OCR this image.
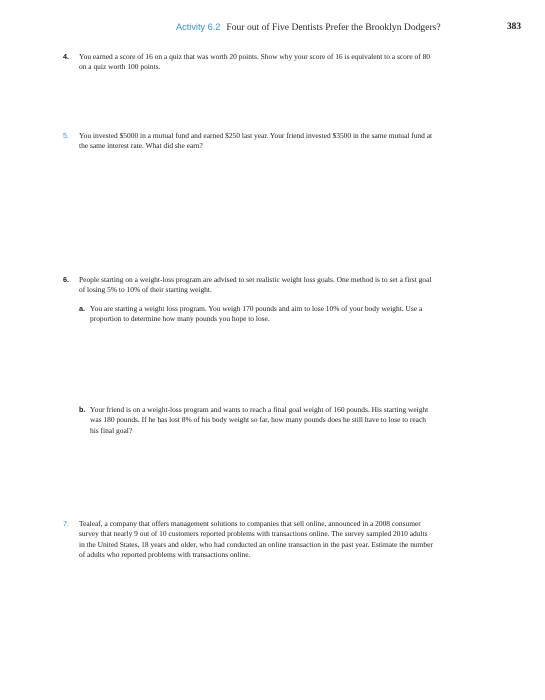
Activity 6.2 Four out of Five Dentists Prefer the Brooklyn Dodgers?	383
4. You earned a score of 16 on a quiz that was worth 20 points. Show why your score of 16 is equivalent to a score of 80 on a quiz worth 100 points.
5. You invested $5000 in a mutual fund and earned $250 last year. Your friend invested $3500 in the same mutual fund at the same interest rate. What did she earn?
6. People starting on a weight-loss program are advised to set realistic weight loss goals. One method is to set a first goal of losing 5% to 10% of their starting weight.
a. You are starting a weight loss program. You weigh 170 pounds and aim to lose 10% of your body weight. Use a proportion to determine how many pounds you hope to lose.
b. Your friend is on a weight-loss program and wants to reach a final goal weight of 160 pounds. His starting weight was 180 pounds. If he has lost 8% of his body weight so far, how many pounds does he still have to lose to reach his final goal?
7. Tealeaf, a company that offers management solutions to companies that sell online, announced in a 2008 consumer survey that nearly 9 out of 10 customers reported problems with transactions online. The survey sampled 2010 adults in the United States, 18 years and older, who had conducted an online transaction in the past year. Estimate the number of adults who reported problems with transactions online.
